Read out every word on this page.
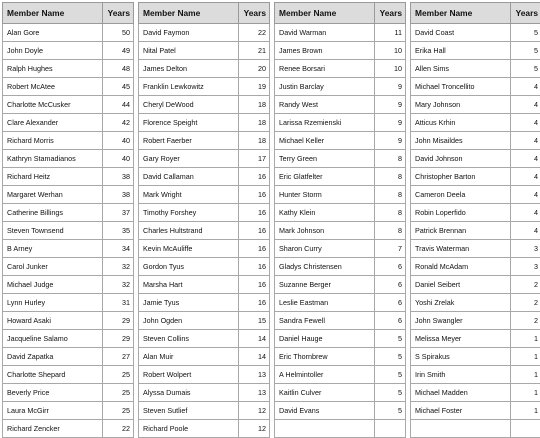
Member Name	Years
Alan Gore	50
John Doyle	49
Ralph Hughes	48
Robert McAtee	45
Charlotte McCusker	44
Clare Alexander	42
Richard Morris	40
Kathryn Stamadianos	40
Richard Heitz	38
Margaret Werhan	38
Catherine Billings	37
Steven Townsend	35
B Arney	34
Carol Junker	32
Michael Judge	32
Lynn Hurley	31
Howard Asaki	29
Jacqueline Salamo	29
David Zapatka	27
Charlotte Shepard	25
Beverly Price	25
Laura McGirr	25
Richard Zencker	22
Member Name	Years
David Faymon	22
Nital Patel	21
James Delton	20
Franklin Lewkowitz	19
Cheryl DeWood	18
Florence Speight	18
Robert Faerber	18
Gary Royer	17
David Callaman	16
Mark Wright	16
Timothy Forshey	16
Charles Hultstrand	16
Kevin McAuliffe	16
Gordon Tyus	16
Marsha Hart	16
Jamie Tyus	16
John Ogden	15
Steven Collins	14
Alan Muir	14
Robert Wolpert	13
Alyssa Dumais	13
Steven Sutlief	12
Richard Poole	12
Member Name	Years
David Warman	11
James Brown	10
Renee Borsari	10
Justin Barclay	9
Randy West	9
Larissa Rzemienski	9
Michael Keller	9
Terry Green	8
Eric Glatfelter	8
Hunter Storm	8
Kathy Klein	8
Mark Johnson	8
Sharon Curry	7
Gladys Christensen	6
Suzanne Berger	6
Leslie Eastman	6
Sandra Fewell	6
Daniel Hauge	5
Eric Thornbrew	5
A Helmintoller	5
Kaitlin Culver	5
David Evans	5

Member Name	Years
David Coast	5
Erika Hall	5
Allen Sims	5
Michael Troncellito	4
Mary Johnson	4
Atticus Krhin	4
John Misaildes	4
David Johnson	4
Christopher Barton	4
Cameron Deela	4
Robin Loperfido	4
Patrick Brennan	4
Travis Waterman	3
Ronald McAdam	3
Daniel Seibert	2
Yoshi Zrelak	2
John Swangler	2
Melissa Meyer	1
S Spirakus	1
Irin Smith	1
Michael Madden	1
Michael Foster	1
